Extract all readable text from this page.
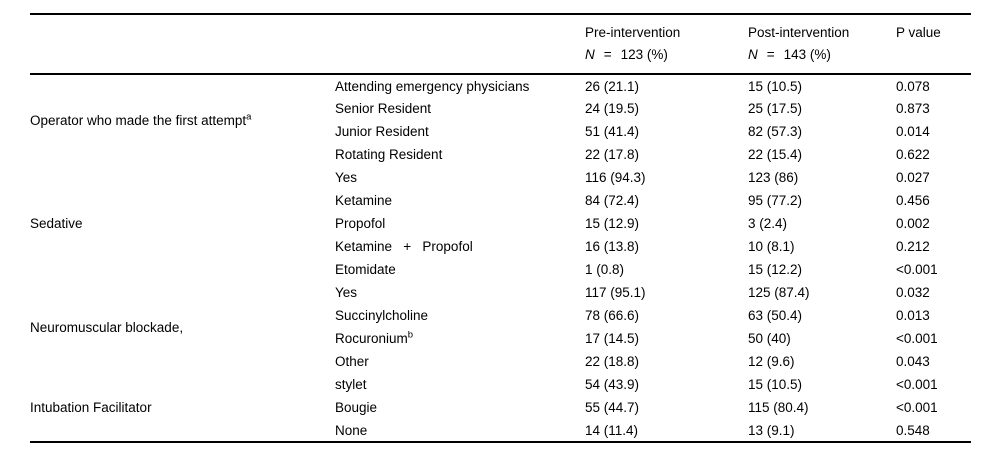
		Pre-intervention	Post-intervention	P value
		N = 123 (%)	N = 143 (%)	
Operator who made the first attempt$^a$	Attending emergency physicians	26 (21.1)	15 (10.5)	0.078
	Senior Resident	24 (19.5)	25 (17.5)	0.873
	Junior Resident	51 (41.4)	82 (57.3)	0.014
	Rotating Resident	22 (17.8)	22 (15.4)	0.622
Sedative	Yes	116 (94.3)	123 (86)	0.027
	Ketamine	84 (72.4)	95 (77.2)	0.456
	Propofol	15 (12.9)	3 (2.4)	0.002
	Ketamine   +   Propofol	16 (13.8)	10 (8.1)	0.212
	Etomidate	1 (0.8)	15 (12.2)	<0.001
Neuromuscular blockade,	Yes	117 (95.1)	125 (87.4)	0.032
	Succinylcholine	78 (66.6)	63 (50.4)	0.013
	Rocuronium$^b$	17 (14.5)	50 (40)	<0.001
	Other	22 (18.8)	12 (9.6)	0.043
Intubation Facilitator	stylet	54 (43.9)	15 (10.5)	<0.001
	Bougie	55 (44.7)	115 (80.4)	<0.001
	None	14 (11.4)	13 (9.1)	0.548
